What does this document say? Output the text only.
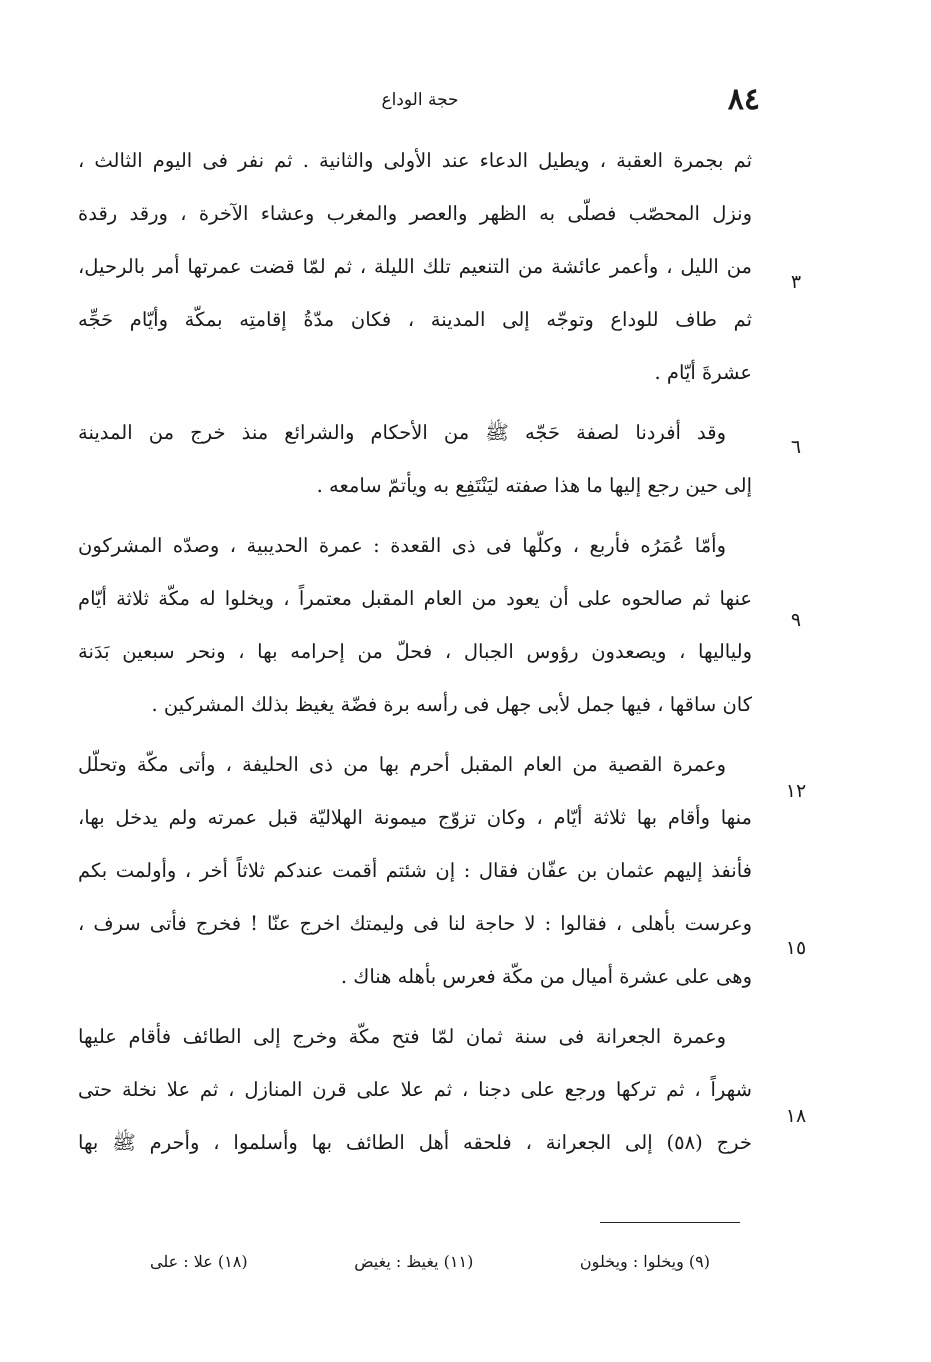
٨٤
حجة الوداع
ثم بجمرة العقبة ، ويطيل الدعاء عند الأولى والثانية . ثم نفر فى اليوم الثالث ،
ونزل المحصّب فصلّى به الظهر والعصر والمغرب وعشاء الآخرة ، ورقد رقدة
من الليل ، وأعمر عائشة من التنعيم تلك الليلة ، ثم لمّا قضت عمرتها أمر بالرحيل،
ثم طاف للوداع وتوجّه إلى المدينة ، فكان مدّةُ إقامتِه بمكّة وأيّام حَجِّه
عشرةَ أيّام .
وقد أفردنا لصفة حَجّه ﷺ من الأحكام والشرائع منذ خرج من المدينة
إلى حين رجع إليها ما هذا صفته ليَنْتَفِع به ويأتمّ سامعه .
وأمّا عُمَرُه فأربع ، وكلّها فى ذى القعدة : عمرة الحديبية ، وصدّه المشركون
عنها ثم صالحوه على أن يعود من العام المقبل معتمراً ، ويخلوا له مكّة ثلاثة أيّام
ولياليها ، ويصعدون رؤوس الجبال ، فحلّ من إحرامه بها ، ونحر سبعين بَدَنة
كان ساقها ، فيها جمل لأبى جهل فى رأسه برة فضّة يغيظ بذلك المشركين .
وعمرة القصية من العام المقبل أحرم بها من ذى الحليفة ، وأتى مكّة وتحلّل
منها وأقام بها ثلاثة أيّام ، وكان تزوّج ميمونة الهلاليّة قبل عمرته ولم يدخل بها،
فأنفذ إليهم عثمان بن عفّان فقال : إن شئتم أقمت عندكم ثلاثاً أخر ، وأولمت بكم
وعرست بأهلى ، فقالوا : لا حاجة لنا فى وليمتك اخرج عنّا ! فخرج فأتى سرف ،
وهى على عشرة أميال من مكّة فعرس بأهله هناك .
وعمرة الجعرانة فى سنة ثمان لمّا فتح مكّة وخرج إلى الطائف فأقام عليها
شهراً ، ثم تركها ورجع على دجنا ، ثم علا على قرن المنازل ، ثم علا نخلة حتى
خرج (٥٨) إلى الجعرانة ، فلحقه أهل الطائف بها وأسلموا ، وأحرم ﷺ بها
٣
٦
٩
١٢
١٥
١٨
(٩) ويخلوا : ويخلون
(١١) يغيظ : يغيض
(١٨) علا : على
